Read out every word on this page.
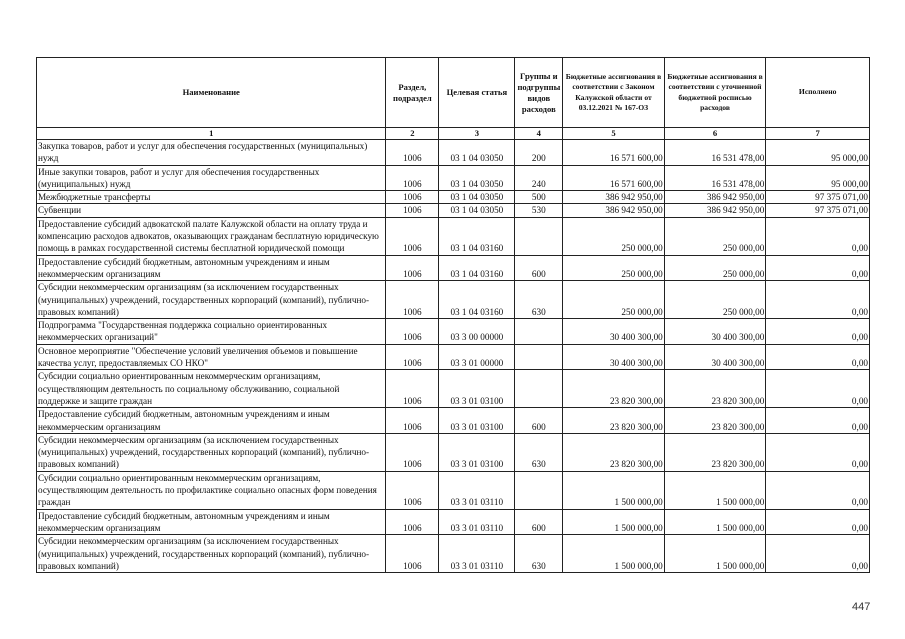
Наименование	Раздел, подраздел	Целевая статья	Группы и подгруппы видов расходов	Бюджетные ассигнования в соответствии с Законом Калужской области от 03.12.2021 № 167-ОЗ	Бюджетные ассигнования в соответствии с уточненной бюджетной росписью расходов	Исполнено
1	2	3	4	5	6	7
Закупка товаров, работ и услуг для обеспечения государственных (муниципальных) нужд	1006	03 1 04 03050	200	16 571 600,00	16 531 478,00	95 000,00
Иные закупки товаров, работ и услуг для обеспечения государственных (муниципальных) нужд	1006	03 1 04 03050	240	16 571 600,00	16 531 478,00	95 000,00
Межбюджетные трансферты	1006	03 1 04 03050	500	386 942 950,00	386 942 950,00	97 375 071,00
Субвенции	1006	03 1 04 03050	530	386 942 950,00	386 942 950,00	97 375 071,00
Предоставление субсидий адвокатской палате Калужской области на оплату труда и компенсацию расходов адвокатов, оказывающих гражданам бесплатную юридическую помощь в рамках государственной системы бесплатной юридической помощи	1006	03 1 04 03160		250 000,00	250 000,00	0,00
Предоставление субсидий бюджетным, автономным учреждениям и иным некоммерческим организациям	1006	03 1 04 03160	600	250 000,00	250 000,00	0,00
Субсидии некоммерческим организациям (за исключением государственных (муниципальных) учреждений, государственных корпораций (компаний), публично-правовых компаний)	1006	03 1 04 03160	630	250 000,00	250 000,00	0,00
Подпрограмма "Государственная поддержка социально ориентированных некоммерческих организаций"	1006	03 3 00 00000		30 400 300,00	30 400 300,00	0,00
Основное мероприятие "Обеспечение условий увеличения объемов и повышение качества услуг, предоставляемых СО НКО"	1006	03 3 01 00000		30 400 300,00	30 400 300,00	0,00
Субсидии социально ориентированным некоммерческим организациям, осуществляющим деятельность по социальному обслуживанию, социальной поддержке и защите граждан	1006	03 3 01 03100		23 820 300,00	23 820 300,00	0,00
Предоставление субсидий бюджетным, автономным учреждениям и иным некоммерческим организациям	1006	03 3 01 03100	600	23 820 300,00	23 820 300,00	0,00
Субсидии некоммерческим организациям (за исключением государственных (муниципальных) учреждений, государственных корпораций (компаний), публично-правовых компаний)	1006	03 3 01 03100	630	23 820 300,00	23 820 300,00	0,00
Субсидии социально ориентированным некоммерческим организациям, осуществляющим деятельность по профилактике социально опасных форм поведения граждан	1006	03 3 01 03110		1 500 000,00	1 500 000,00	0,00
Предоставление субсидий бюджетным, автономным учреждениям и иным некоммерческим организациям	1006	03 3 01 03110	600	1 500 000,00	1 500 000,00	0,00
Субсидии некоммерческим организациям (за исключением государственных (муниципальных) учреждений, государственных корпораций (компаний), публично-правовых компаний)	1006	03 3 01 03110	630	1 500 000,00	1 500 000,00	0,00
447
